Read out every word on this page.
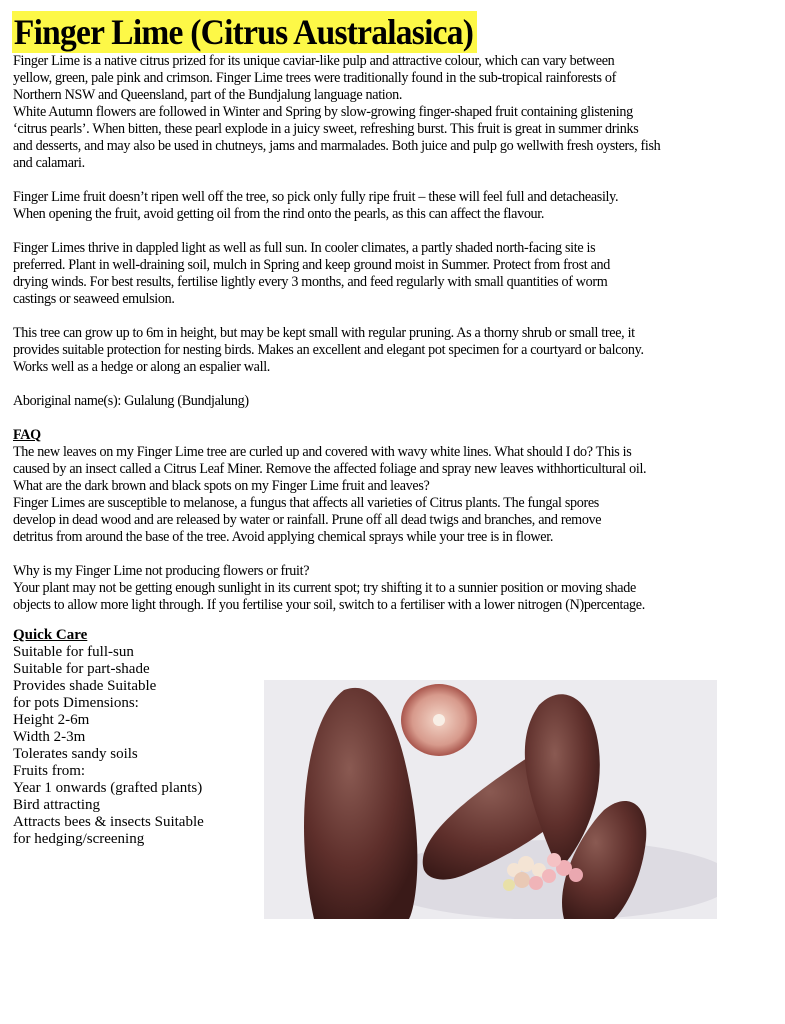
Finger Lime (Citrus Australasica)
Finger Lime is a native citrus prized for its unique caviar-like pulp and attractive colour, which can vary between
yellow, green, pale pink and crimson. Finger Lime trees were traditionally found in the sub-tropical rainforests of
Northern NSW and Queensland, part of the Bundjalung language nation.
White Autumn flowers are followed in Winter and Spring by slow-growing finger-shaped fruit containing glistening
‘citrus pearls’. When bitten, these pearl explode in a juicy sweet, refreshing burst. This fruit is great in summer drinks
and desserts, and may also be used in chutneys, jams and marmalades. Both juice and pulp go wellwith fresh oysters, fish
and calamari.
Finger Lime fruit doesn’t ripen well off the tree, so pick only fully ripe fruit – these will feel full and detacheasily.
When opening the fruit, avoid getting oil from the rind onto the pearls, as this can affect the flavour.
Finger Limes thrive in dappled light as well as full sun. In cooler climates, a partly shaded north-facing site is
preferred. Plant in well-draining soil, mulch in Spring and keep ground moist in Summer. Protect from frost and
drying winds. For best results, fertilise lightly every 3 months, and feed regularly with small quantities of worm
castings or seaweed emulsion.
This tree can grow up to 6m in height, but may be kept small with regular pruning. As a thorny shrub or small tree, it
provides suitable protection for nesting birds. Makes an excellent and elegant pot specimen for a courtyard or balcony.
Works well as a hedge or along an espalier wall.
Aboriginal name(s): Gulalung (Bundjalung)
FAQ
The new leaves on my Finger Lime tree are curled up and covered with wavy white lines. What should I do? This is
caused by an insect called a Citrus Leaf Miner. Remove the affected foliage and spray new leaves withhorticultural oil.
What are the dark brown and black spots on my Finger Lime fruit and leaves?
Finger Limes are susceptible to melanose, a fungus that affects all varieties of Citrus plants. The fungal spores
develop in dead wood and are released by water or rainfall. Prune off all dead twigs and branches, and remove
detritus from around the base of the tree. Avoid applying chemical sprays while your tree is in flower.
Why is my Finger Lime not producing flowers or fruit?
Your plant may not be getting enough sunlight in its current spot; try shifting it to a sunnier position or moving shade
objects to allow more light through. If you fertilise your soil, switch to a fertiliser with a lower nitrogen (N)percentage.
Quick Care
Suitable for full-sun
Suitable for part-shade
Provides shade Suitable
for pots Dimensions:
Height 2-6m
Width 2-3m
Tolerates sandy soils
Fruits from:
Year 1 onwards (grafted plants)
Bird attracting
Attracts bees & insects Suitable
for hedging/screening
